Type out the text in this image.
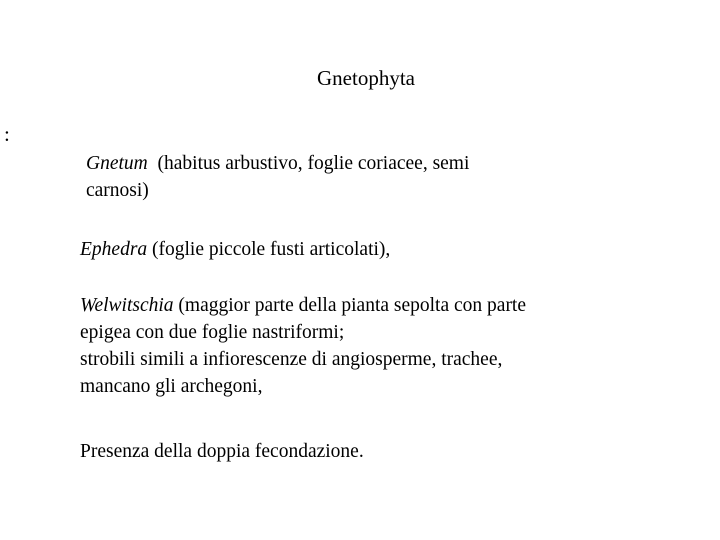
Gnetophyta
:
Gnetum  (habitus arbustivo, foglie coriacee, semi
carnosi)
Ephedra (foglie piccole fusti articolati),
Welwitschia (maggior parte della pianta sepolta con parte
epigea con due foglie nastriformi;
strobili simili a infiorescenze di angiosperme, trachee,
mancano gli archegoni,
Presenza della doppia fecondazione.
